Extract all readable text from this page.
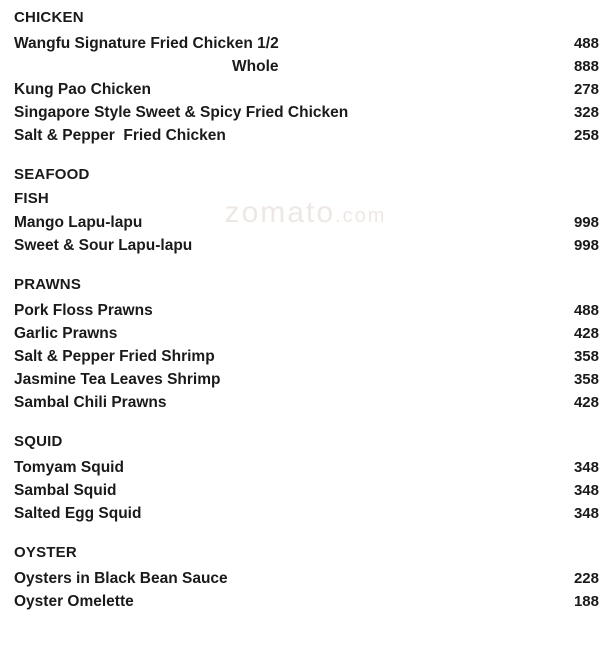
zomato.com
CHICKEN
Wangfu Signature Fried Chicken 1/2	488
Whole	888
Kung Pao Chicken	278
Singapore Style Sweet & Spicy Fried Chicken	328
Salt & Pepper  Fried Chicken	258
SEAFOOD
FISH
Mango Lapu-lapu	998
Sweet & Sour Lapu-lapu	998
PRAWNS
Pork Floss Prawns	488
Garlic Prawns	428
Salt & Pepper Fried Shrimp	358
Jasmine Tea Leaves Shrimp	358
Sambal Chili Prawns	428
SQUID
Tomyam Squid	348
Sambal Squid	348
Salted Egg Squid	348
OYSTER
Oysters in Black Bean Sauce	228
Oyster Omelette	188
